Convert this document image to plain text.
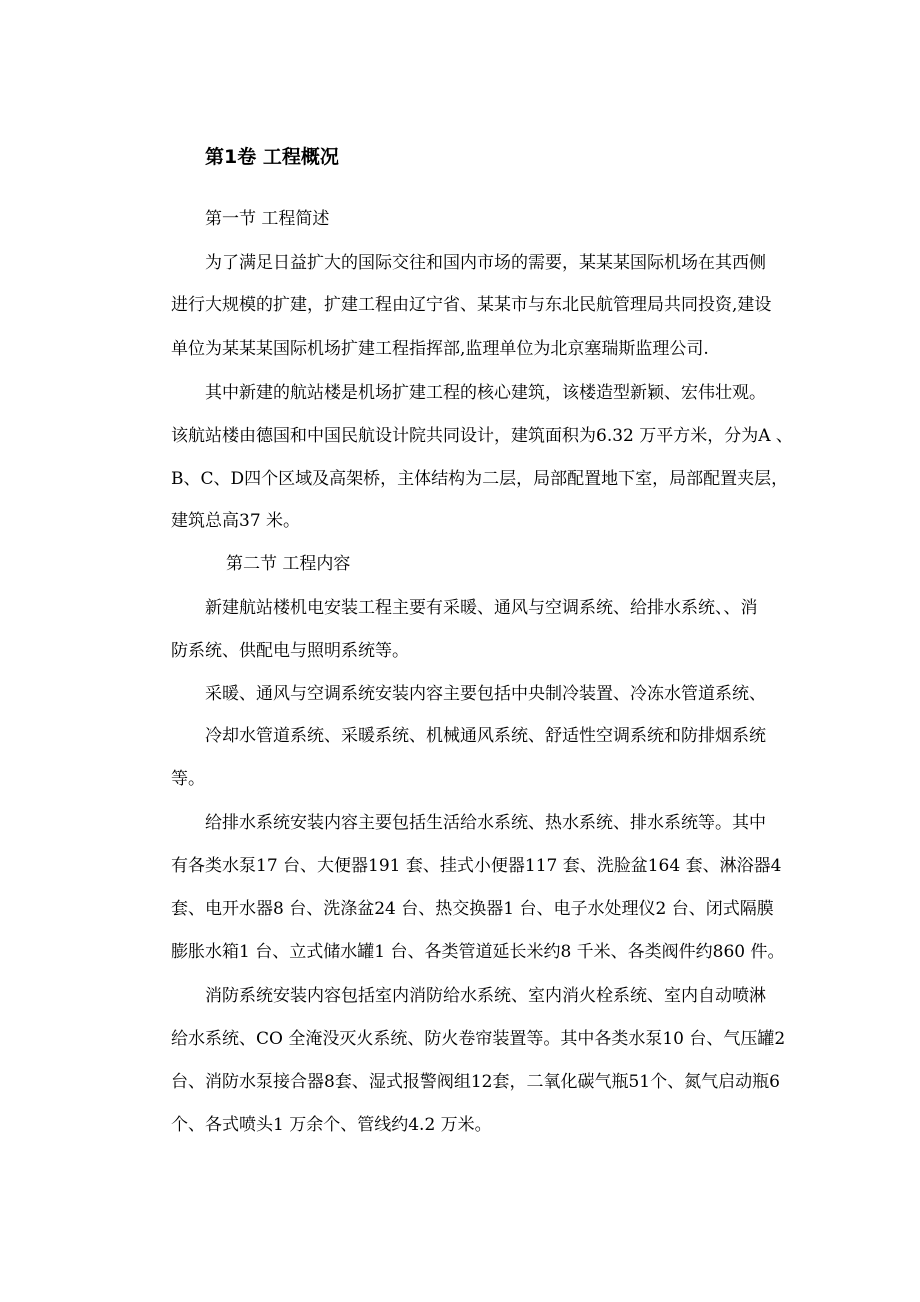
第1卷 工程概况
第一节 工程简述
为了满足日益扩大的国际交往和国内市场的需要，某某某国际机场在其西侧
进行大规模的扩建，扩建工程由辽宁省、某某市与东北民航管理局共同投资,建设
单位为某某某国际机场扩建工程指挥部,监理单位为北京塞瑞斯监理公司.
其中新建的航站楼是机场扩建工程的核心建筑，该楼造型新颖、宏伟壮观。
该航站楼由德国和中国民航设计院共同设计，建筑面积为6.32 万平方米，分为A 、
B、C、D四个区域及高架桥，主体结构为二层，局部配置地下室，局部配置夹层，
建筑总高37 米。
第二节 工程内容
新建航站楼机电安装工程主要有采暖、通风与空调系统、给排水系统、、消
防系统、供配电与照明系统等。
采暖、通风与空调系统安装内容主要包括中央制冷装置、冷冻水管道系统、
冷却水管道系统、采暖系统、机械通风系统、舒适性空调系统和防排烟系统
等。
给排水系统安装内容主要包括生活给水系统、热水系统、排水系统等。其中
有各类水泵17 台、大便器191 套、挂式小便器117 套、洗脸盆164 套、淋浴器4
套、电开水器8 台、洗涤盆24 台、热交换器1 台、电子水处理仪2 台、闭式隔膜
膨胀水箱1 台、立式储水罐1 台、各类管道延长米约8 千米、各类阀件约860 件。
消防系统安装内容包括室内消防给水系统、室内消火栓系统、室内自动喷淋
给水系统、CO 全淹没灭火系统、防火卷帘装置等。其中各类水泵10 台、气压罐2
台、消防水泵接合器8套、湿式报警阀组12套，二氧化碳气瓶51个、氮气启动瓶6
个、各式喷头1 万余个、管线约4.2 万米。
